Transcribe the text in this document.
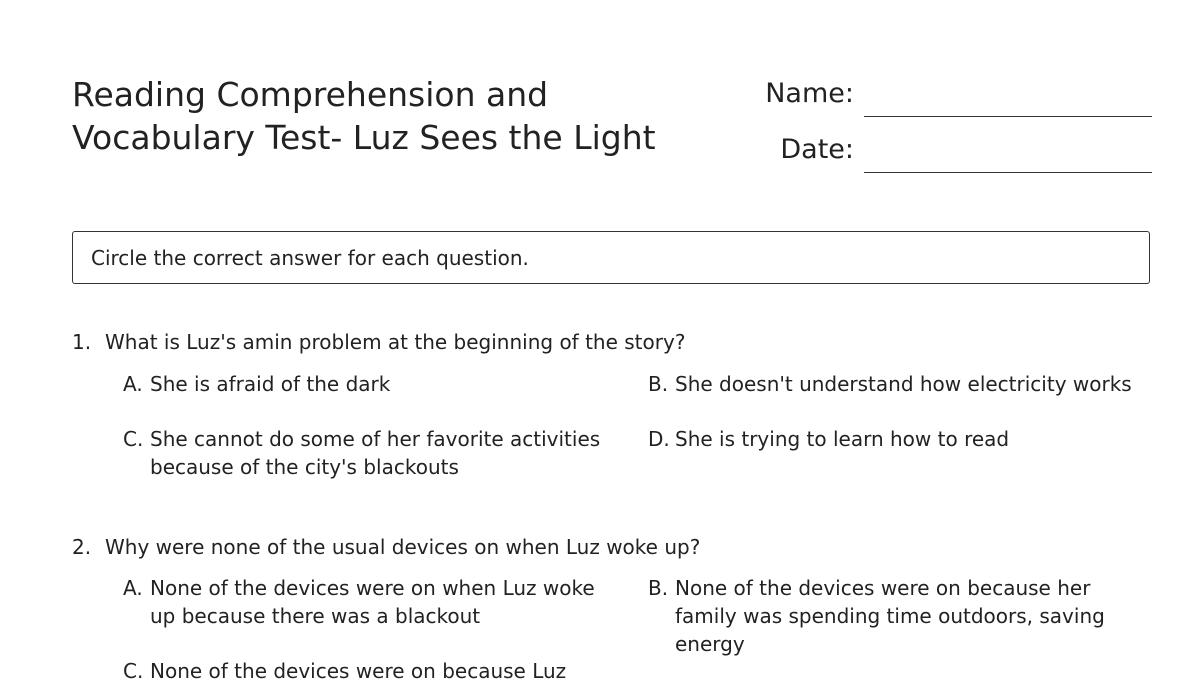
Reading Comprehension and
Vocabulary Test- Luz Sees the Light
Name:
Date:
Circle the correct answer for each question.
1. What is Luz's amin problem at the beginning of the story?
A. She is afraid of the dark	B. She doesn't understand how electricity works
C. She cannot do some of her favorite activities because of the city's blackouts
D. She is trying to learn how to read
2. Why were none of the usual devices on when Luz woke up?
A. None of the devices were on when Luz woke up because there was a blackout
B. None of the devices were on because her family was spending time outdoors, saving energy
C. None of the devices were on because Luz
